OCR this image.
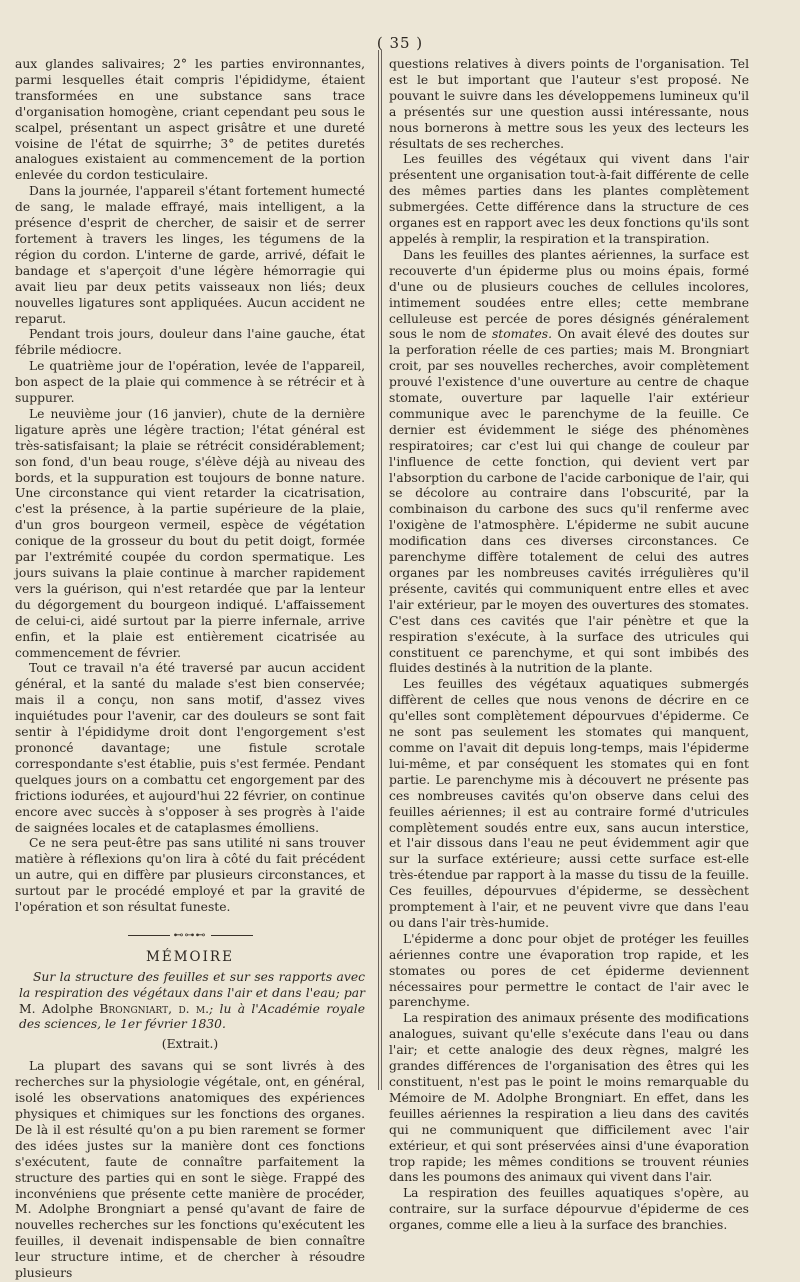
( 35 )

aux glandes salivaires; 2° les parties environnantes, parmi lesquelles était compris l'épididyme, étaient transformées en une substance sans trace d'organisation homogène, criant cependant peu sous le scalpel, présentant un aspect grisâtre et une dureté voisine de l'état de squirrhe; 3° de petites duretés analogues existaient au commencement de la portion enlevée du cordon testiculaire.

Dans la journée, l'appareil s'étant fortement humecté de sang, le malade effrayé, mais intelligent, a la présence d'esprit de chercher, de saisir et de serrer fortement à travers les linges, les tégumens de la région du cordon. L'interne de garde, arrivé, défait le bandage et s'aperçoit d'une légère hémorragie qui avait lieu par deux petits vaisseaux non liés; deux nouvelles ligatures sont appliquées. Aucun accident ne reparut.

Pendant trois jours, douleur dans l'aine gauche, état fébrile médiocre.

Le quatrième jour de l'opération, levée de l'appareil, bon aspect de la plaie qui commence à se rétrécir et à suppurer.

Le neuvième jour (16 janvier), chute de la dernière ligature après une légère traction; l'état général est très-satisfaisant; la plaie se rétrécit considérablement; son fond, d'un beau rouge, s'élève déjà au niveau des bords, et la suppuration est toujours de bonne nature. Une circonstance qui vient retarder la cicatrisation, c'est la présence, à la partie supérieure de la plaie, d'un gros bourgeon vermeil, espèce de végétation conique de la grosseur du bout du petit doigt, formée par l'extrémité coupée du cordon spermatique. Les jours suivans la plaie continue à marcher rapidement vers la guérison, qui n'est retardée que par la lenteur du dégorgement du bourgeon indiqué. L'affaissement de celui-ci, aidé surtout par la pierre infernale, arrive enfin, et la plaie est entièrement cicatrisée au commencement de février.

Tout ce travail n'a été traversé par aucun accident général, et la santé du malade s'est bien conservée; mais il a conçu, non sans motif, d'assez vives inquiétudes pour l'avenir, car des douleurs se sont fait sentir à l'épididyme droit dont l'engorgement s'est prononcé davantage; une fistule scrotale correspondante s'est établie, puis s'est fermée. Pendant quelques jours on a combattu cet engorgement par des frictions iodurées, et aujourd'hui 22 février, on continue encore avec succès à s'opposer à ses progrès à l'aide de saignées locales et de cataplasmes émolliens.

Ce ne sera peut-être pas sans utilité ni sans trouver matière à réflexions qu'on lira à côté du fait précédent un autre, qui en diffère par plusieurs circonstances, et surtout par le procédé employé et par la gravité de l'opération et son résultat funeste.

⊷⊶⊷
MÉMOIRE

Sur la structure des feuilles et sur ses rapports avec la respiration des végétaux dans l'air et dans l'eau; par M. Adolphe Brongniart, d. m.; lu à l'Académie royale des sciences, le 1er février 1830.

(Extrait.)

La plupart des savans qui se sont livrés à des recherches sur la physiologie végétale, ont, en général, isolé les observations anatomiques des expériences physiques et chimiques sur les fonctions des organes. De là il est résulté qu'on a pu bien rarement se former des idées justes sur la manière dont ces fonctions s'exécutent, faute de connaître parfaitement la structure des parties qui en sont le siège. Frappé des inconvéniens que présente cette manière de procéder, M. Adolphe Brongniart a pensé qu'avant de faire de nouvelles recherches sur les fonctions qu'exécutent les feuilles, il devenait indispensable de bien connaître leur structure intime, et de chercher à résoudre plusieurs

questions relatives à divers points de l'organisation. Tel est le but important que l'auteur s'est proposé. Ne pouvant le suivre dans les développemens lumineux qu'il a présentés sur une question aussi intéressante, nous nous bornerons à mettre sous les yeux des lecteurs les résultats de ses recherches.

Les feuilles des végétaux qui vivent dans l'air présentent une organisation tout-à-fait différente de celle des mêmes parties dans les plantes complètement submergées. Cette différence dans la structure de ces organes est en rapport avec les deux fonctions qu'ils sont appelés à remplir, la respiration et la transpiration.

Dans les feuilles des plantes aériennes, la surface est recouverte d'un épiderme plus ou moins épais, formé d'une ou de plusieurs couches de cellules incolores, intimement soudées entre elles; cette membrane celluleuse est percée de pores désignés généralement sous le nom de stomates. On avait élevé des doutes sur la perforation réelle de ces parties; mais M. Brongniart croit, par ses nouvelles recherches, avoir complètement prouvé l'existence d'une ouverture au centre de chaque stomate, ouverture par laquelle l'air extérieur communique avec le parenchyme de la feuille. Ce dernier est évidemment le siége des phénomènes respiratoires; car c'est lui qui change de couleur par l'influence de cette fonction, qui devient vert par l'absorption du carbone de l'acide carbonique de l'air, qui se décolore au contraire dans l'obscurité, par la combinaison du carbone des sucs qu'il renferme avec l'oxigène de l'atmosphère. L'épiderme ne subit aucune modification dans ces diverses circonstances. Ce parenchyme diffère totalement de celui des autres organes par les nombreuses cavités irrégulières qu'il présente, cavités qui communiquent entre elles et avec l'air extérieur, par le moyen des ouvertures des stomates. C'est dans ces cavités que l'air pénètre et que la respiration s'exécute, à la surface des utricules qui constituent ce parenchyme, et qui sont imbibés des fluides destinés à la nutrition de la plante.

Les feuilles des végétaux aquatiques submergés diffèrent de celles que nous venons de décrire en ce qu'elles sont complètement dépourvues d'épiderme. Ce ne sont pas seulement les stomates qui manquent, comme on l'avait dit depuis long-temps, mais l'épiderme lui-même, et par conséquent les stomates qui en font partie. Le parenchyme mis à découvert ne présente pas ces nombreuses cavités qu'on observe dans celui des feuilles aériennes; il est au contraire formé d'utricules complètement soudés entre eux, sans aucun interstice, et l'air dissous dans l'eau ne peut évidemment agir que sur la surface extérieure; aussi cette surface est-elle très-étendue par rapport à la masse du tissu de la feuille. Ces feuilles, dépourvues d'épiderme, se dessèchent promptement à l'air, et ne peuvent vivre que dans l'eau ou dans l'air très-humide.

L'épiderme a donc pour objet de protéger les feuilles aériennes contre une évaporation trop rapide, et les stomates ou pores de cet épiderme deviennent nécessaires pour permettre le contact de l'air avec le parenchyme.

La respiration des animaux présente des modifications analogues, suivant qu'elle s'exécute dans l'eau ou dans l'air; et cette analogie des deux règnes, malgré les grandes différences de l'organisation des êtres qui les constituent, n'est pas le point le moins remarquable du Mémoire de M. Adolphe Brongniart. En effet, dans les feuilles aériennes la respiration a lieu dans des cavités qui ne communiquent que difficilement avec l'air extérieur, et qui sont préservées ainsi d'une évaporation trop rapide; les mêmes conditions se trouvent réunies dans les poumons des animaux qui vivent dans l'air.

La respiration des feuilles aquatiques s'opère, au contraire, sur la surface dépourvue d'épiderme de ces organes, comme elle a lieu à la surface des branchies.
